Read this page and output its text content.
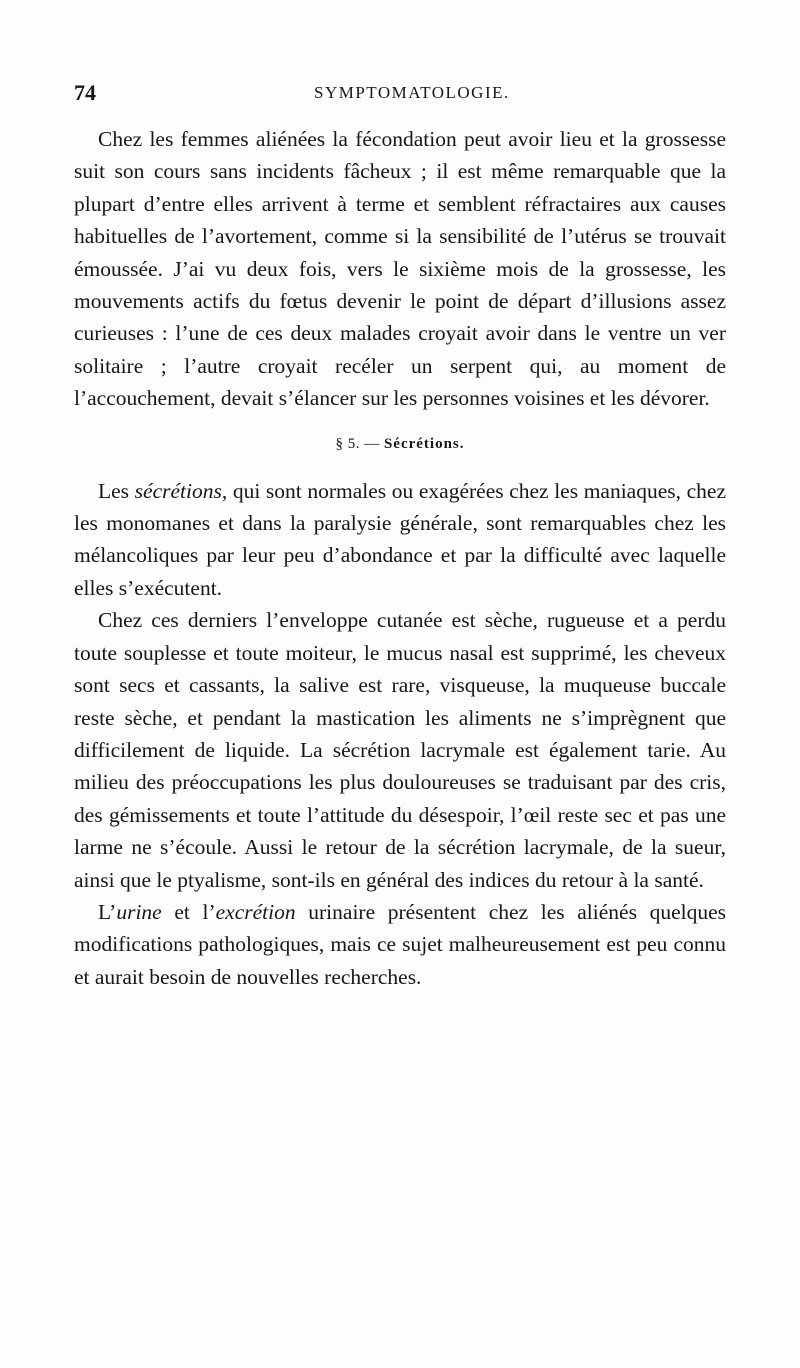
74	SYMPTOMATOLOGIE.

Chez les femmes aliénées la fécondation peut avoir lieu et la grossesse suit son cours sans incidents fâcheux ; il est même remarquable que la plupart d’entre elles arrivent à terme et semblent réfractaires aux causes habituelles de l’avortement, comme si la sensibilité de l’utérus se trouvait émoussée. J’ai vu deux fois, vers le sixième mois de la grossesse, les mouvements actifs du fœtus devenir le point de départ d’illusions assez curieuses : l’une de ces deux malades croyait avoir dans le ventre un ver solitaire ; l’autre croyait recéler un serpent qui, au moment de l’accouchement, devait s’élancer sur les personnes voisines et les dévorer.

§ 5. — Sécrétions.

Les sécrétions, qui sont normales ou exagérées chez les maniaques, chez les monomanes et dans la paralysie générale, sont remarquables chez les mélancoliques par leur peu d’abondance et par la difficulté avec laquelle elles s’exécutent.

Chez ces derniers l’enveloppe cutanée est sèche, rugueuse et a perdu toute souplesse et toute moiteur, le mucus nasal est supprimé, les cheveux sont secs et cassants, la salive est rare, visqueuse, la muqueuse buccale reste sèche, et pendant la mastication les aliments ne s’imprègnent que difficilement de liquide. La sécrétion lacrymale est également tarie. Au milieu des préoccupations les plus douloureuses se traduisant par des cris, des gémissements et toute l’attitude du désespoir, l’œil reste sec et pas une larme ne s’écoule. Aussi le retour de la sécrétion lacrymale, de la sueur, ainsi que le ptyalisme, sont-ils en général des indices du retour à la santé.

L’urine et l’excrétion urinaire présentent chez les aliénés quelques modifications pathologiques, mais ce sujet malheureusement est peu connu et aurait besoin de nouvelles recherches.
